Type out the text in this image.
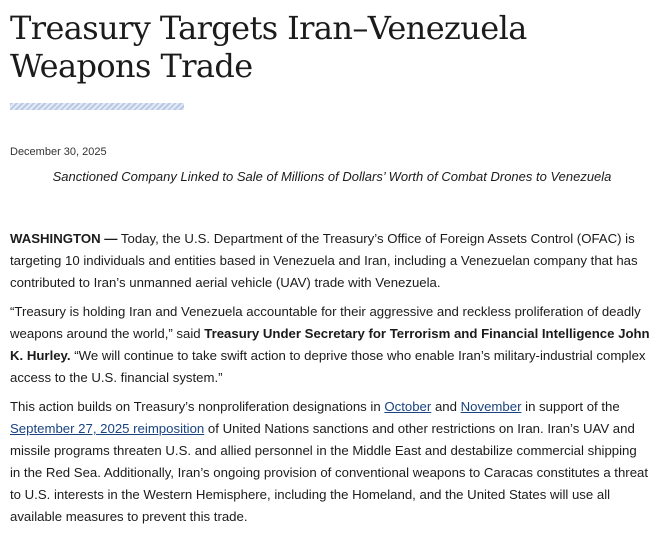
Treasury Targets Iran–Venezuela Weapons Trade
December 30, 2025
Sanctioned Company Linked to Sale of Millions of Dollars’ Worth of Combat Drones to Venezuela

WASHINGTON — Today, the U.S. Department of the Treasury’s Office of Foreign Assets Control (OFAC) is targeting 10 individuals and entities based in Venezuela and Iran, including a Venezuelan company that has contributed to Iran’s unmanned aerial vehicle (UAV) trade with Venezuela.

“Treasury is holding Iran and Venezuela accountable for their aggressive and reckless proliferation of deadly weapons around the world,” said Treasury Under Secretary for Terrorism and Financial Intelligence John K. Hurley. “We will continue to take swift action to deprive those who enable Iran’s military-industrial complex access to the U.S. financial system.”

This action builds on Treasury’s nonproliferation designations in October and November in support of the September 27, 2025 reimposition of United Nations sanctions and other restrictions on Iran. Iran’s UAV and missile programs threaten U.S. and allied personnel in the Middle East and destabilize commercial shipping in the Red Sea. Additionally, Iran’s ongoing provision of conventional weapons to Caracas constitutes a threat to U.S. interests in the Western Hemisphere, including the Homeland, and the United States will use all available measures to prevent this trade.
